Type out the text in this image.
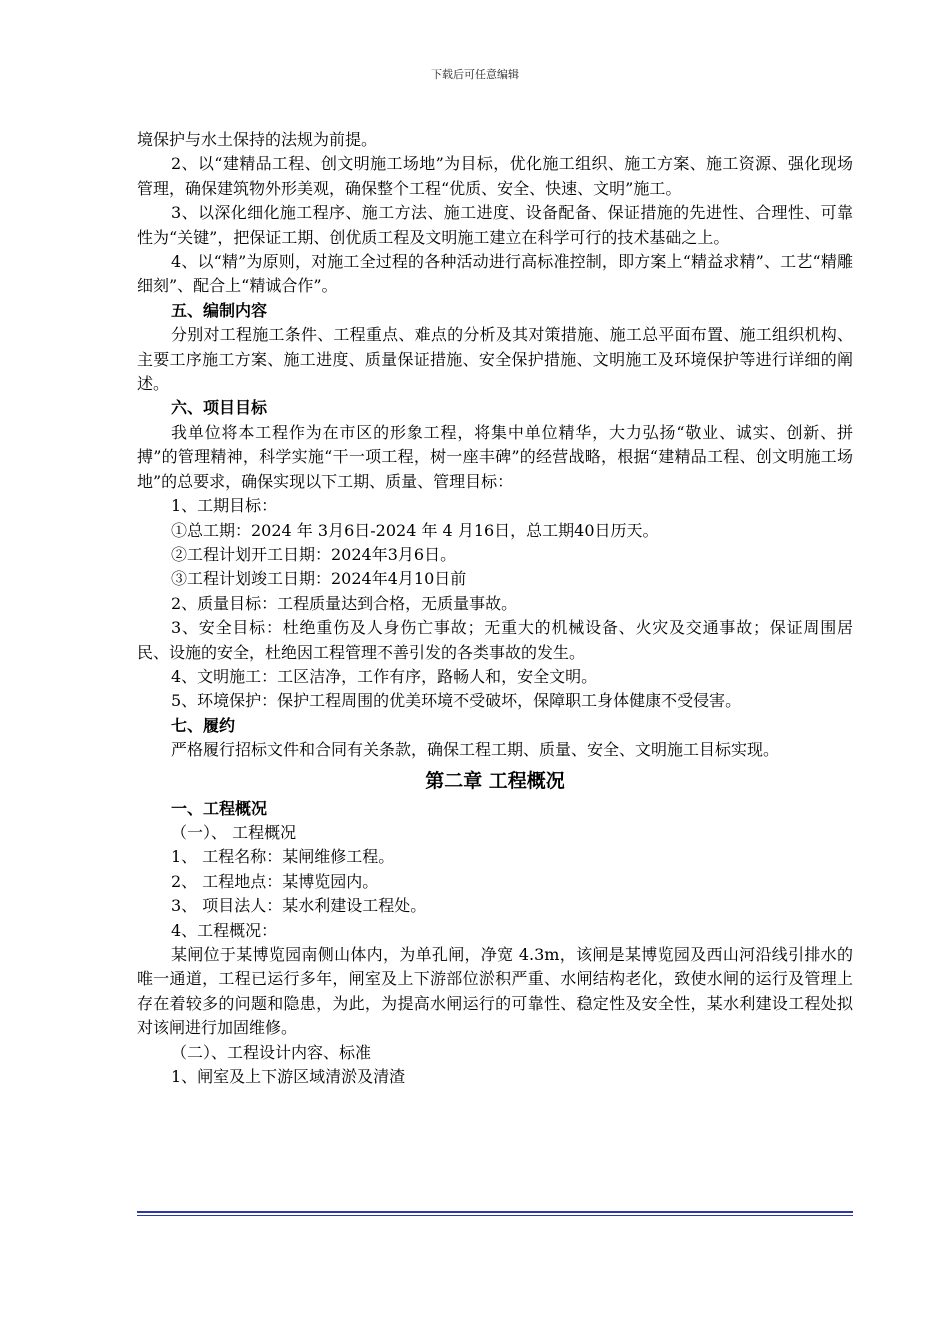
下载后可任意编辑

境保护与水土保持的法规为前提。

2、以“建精品工程、创文明施工场地”为目标，优化施工组织、施工方案、施工资源、强化现场管理，确保建筑物外形美观，确保整个工程“优质、安全、快速、文明”施工。

3、以深化细化施工程序、施工方法、施工进度、设备配备、保证措施的先进性、合理性、可靠性为“关键”，把保证工期、创优质工程及文明施工建立在科学可行的技术基础之上。

4、以“精”为原则，对施工全过程的各种活动进行高标准控制，即方案上“精益求精”、工艺“精雕细刻”、配合上“精诚合作”。

五、编制内容

分别对工程施工条件、工程重点、难点的分析及其对策措施、施工总平面布置、施工组织机构、主要工序施工方案、施工进度、质量保证措施、安全保护措施、文明施工及环境保护等进行详细的阐述。

六、项目目标

我单位将本工程作为在市区的形象工程，将集中单位精华，大力弘扬“敬业、诚实、创新、拼搏”的管理精神，科学实施“干一项工程，树一座丰碑”的经营战略，根据“建精品工程、创文明施工场地”的总要求，确保实现以下工期、质量、管理目标：

1、工期目标：

①总工期：2024 年 3月6日-2024 年 4 月16日，总工期40日历天。

②工程计划开工日期：2024年3月6日。

③工程计划竣工日期：2024年4月10日前

2、质量目标：工程质量达到合格，无质量事故。

3、安全目标：杜绝重伤及人身伤亡事故；无重大的机械设备、火灾及交通事故；保证周围居民、设施的安全，杜绝因工程管理不善引发的各类事故的发生。

4、文明施工：工区洁净，工作有序，路畅人和，安全文明。

5、环境保护：保护工程周围的优美环境不受破坏，保障职工身体健康不受侵害。

七、履约

严格履行招标文件和合同有关条款，确保工程工期、质量、安全、文明施工目标实现。

第二章 工程概况

一、工程概况

（一）、 工程概况

1、 工程名称：某闸维修工程。

2、 工程地点：某博览园内。

3、 项目法人：某水利建设工程处。

4、工程概况：

某闸位于某博览园南侧山体内，为单孔闸，净宽 4.3m，该闸是某博览园及西山河沿线引排水的唯一通道，工程已运行多年，闸室及上下游部位淤积严重、水闸结构老化，致使水闸的运行及管理上存在着较多的问题和隐患，为此，为提高水闸运行的可靠性、稳定性及安全性，某水利建设工程处拟对该闸进行加固维修。

（二）、工程设计内容、标准

1、闸室及上下游区域清淤及清渣
